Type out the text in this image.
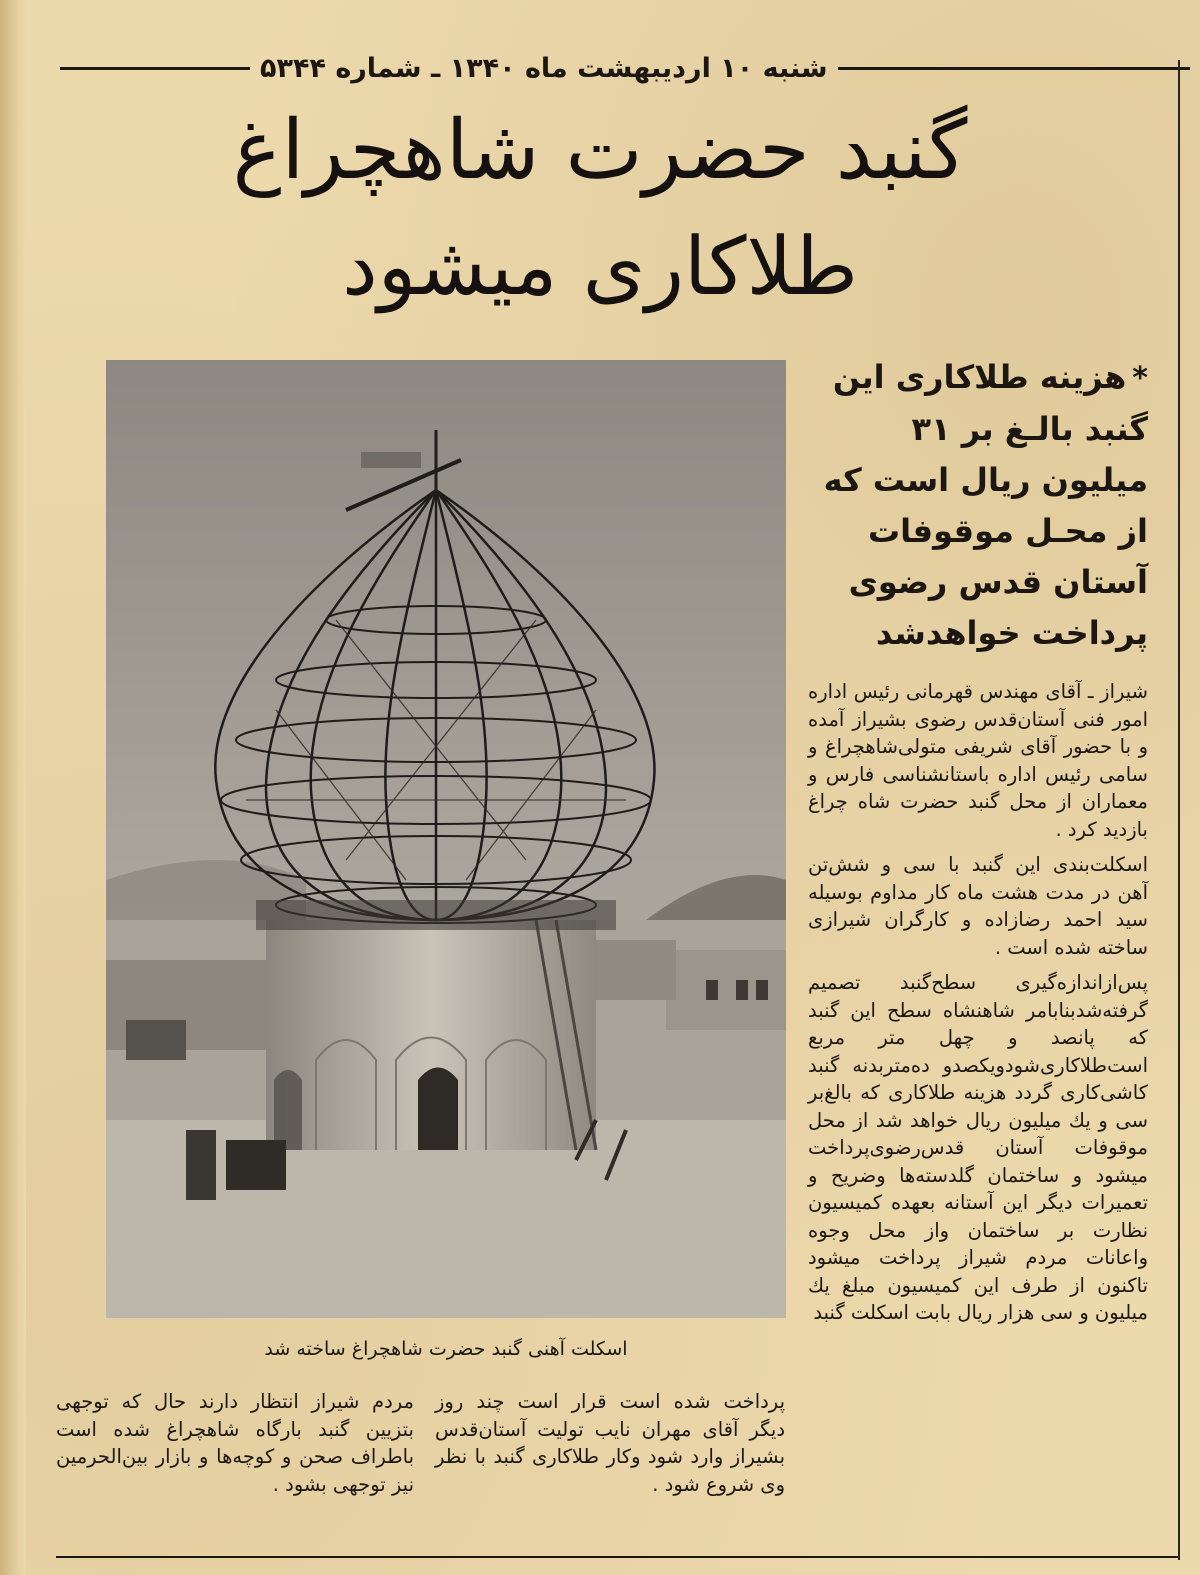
شنبه ۱۰ اردیبهشت ماه ۱۳۴۰ ـ شماره ۵۳۴۴
گنبد حضرت شاهچراغ
طلاکاری میشود
اسکلت آهنی گنبد حضرت شاهچراغ ساخته شد
*هزینه طلاکاری این
گنبد بالـغ بر ۳۱
میلیون ریال است که
از محـل موقوفات
آستان قدس رضوی
پرداخت خواهدشد

شیراز ـ آقای مهندس قهرمانی رئیس اداره امور فنی آستان‌قدس رضوی بشیراز آمده و با حضور آقای شریفی متولی‌شاهچراغ و سامی رئیس اداره باستانشناسی فارس و معماران از محل گنبد حضرت شاه چراغ بازدید کرد .

اسکلت‌بندی این گنبد با سی و شش‌تن آهن در مدت هشت ماه کار مداوم بوسیله سید احمد رضازاده و کارگران شیرازی ساخته شده است .

پس‌ازاندازه‌گیری سطح‌گنبد تصمیم گرفته‌شدبنابامر شاهنشاه سطح این گنبد که پانصد و چهل متر مربع است‌طلاکاری‌شودویکصدو ده‌متربدنه گنبد کاشی‌کاری گردد هزینه طلاکاری که بالغ‌بر سی و یك میلیون ریال خواهد شد از محل موقوفات آستان قدس‌رضوی‌پرداخت میشود و ساختمان گلدسته‌ها وضریح و تعمیرات دیگر این آستانه بعهده کمیسیون نظارت بر ساختمان واز محل وجوه واعانات مردم شیراز پرداخت میشود تاکنون از طرف این کمیسیون مبلغ یك میلیون و سی هزار ریال بابت اسکلت گنبد

پرداخت شده است قرار است چند روز دیگر آقای مهران نایب تولیت آستان‌قدس بشیراز وارد شود وکار طلاکاری گنبد با نظر وی شروع شود .
مردم شیراز انتظار دارند حال که توجهی بتزیین گنبد بارگاه شاهچراغ شده است باطراف صحن و کوچه‌ها و بازار بین‌الحرمین نیز توجهی بشود .
